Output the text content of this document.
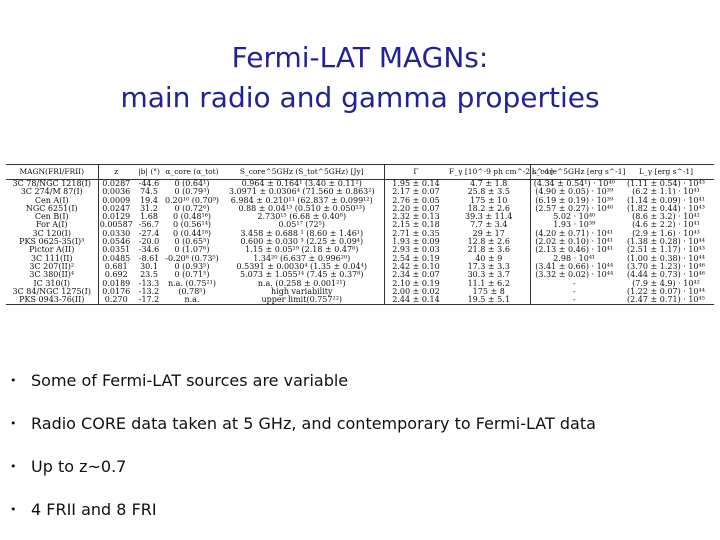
Fermi-LAT MAGNs:
main radio and gamma properties
MAGN(FRI/FRII)	z	|b| (°)	α_core (α_tot)	S_core^5GHz (S_tot^5GHz) [Jy]		Γ	F_γ [10^-9 ph cm^-2 s^-1]	L_core^5GHz [erg s^-1]	L_γ [erg s^-1]
3C 78/NGC 1218(I)	0.0287	-44.6	0 (0.64¹)	0.964 ± 0.164¹ (3.40 ± 0.11²)		1.95 ± 0.14	4.7 ± 1.8	(4.34 ± 0.54¹) · 10⁴⁰	(1.11 ± 0.54) · 10⁴³
3C 274/M 87(I)	0.0036	74.5	0 (0.79³)	3.0971 ± 0.0306⁴ (71.560 ± 0.863²)		2.17 ± 0.07	25.8 ± 3.5	(4.90 ± 0.05) · 10³⁹	(6.2 ± 1.1) · 10⁴¹
Cen A(I)	0.0009	19.4	0.20¹⁰ (0.70⁹)	6.984 ± 0.210¹¹ (62.837 ± 0.099¹²)		2.76 ± 0.05	175 ± 10	(6.19 ± 0.19) · 10³⁹	(1.14 ± 0.09) · 10⁴¹
NGC 6251(I)	0.0247	31.2	0 (0.72⁶)	0.88 ± 0.04¹³ (0.510 ± 0.050¹³)		2.20 ± 0.07	18.2 ± 2.6	(2.57 ± 0.27) · 10⁴⁰	(1.82 ± 0.44) · 10⁴³
Cen B(I)	0.0129	1.68	0 (0.48¹⁶)	2.730¹⁵ (6.68 ± 0.40⁸)		2.32 ± 0.13	39.3 ± 11.4	5.02 · 10⁴⁰	(8.6 ± 3.2) · 10⁴²
For A(I)	0.00587	-56.7	0 (0.56¹⁴)	0.05¹⁷ (72⁵)		2.15 ± 0.18	7.7 ± 3.4	1.93 · 10³⁹	(4.6 ± 2.2) · 10⁴¹
3C 120(I)	0.0330	-27.4	0 (0.44¹⁸)	3.458 ± 0.688 ¹ (8.60 ± 1.46¹)		2.71 ± 0.35	29 ± 17	(4.20 ± 0.71) · 10⁴¹	(2.9 ± 1.6) · 10⁴³
PKS 0625-35(I)³	0.0546	-20.0	0 (0.65⁵)	0.600 ± 0.030 ³ (2.25 ± 0.09⁴)		1.93 ± 0.09	12.8 ± 2.6	(2.02 ± 0.10) · 10⁴¹	(1.38 ± 0.28) · 10⁴⁴
Pictor A(II)	0.0351	-34.6	0 (1.07⁶)	1.15 ± 0.05¹⁹ (2.18 ± 0.47⁸)		2.93 ± 0.03	21.8 ± 3.6	(2.13 ± 0.46) · 10⁴¹	(2.51 ± 1.17) · 10⁴³
3C 111(II)	0.0485	-8.61	-0.20⁸ (0.73⁵)	1.34²⁰ (6.637 ± 0.996²⁰)		2.54 ± 0.19	40 ± 9	2.98 · 10⁴¹	(1.00 ± 0.38) · 10⁴⁴
3C 207(II)²	0.681	30.1	0 (0.93⁵)	0.5391 ± 0.0030⁴ (1.35 ± 0.04⁴)		2.42 ± 0.10	17.3 ± 3.3	(3.41 ± 0.66) · 10⁴⁴	(3.70 ± 1.23) · 10⁴⁶
3C 380(II)⁴	0.692	23.5	0 (0.71⁵)	5.073 ± 1.055¹⁴ (7.45 ± 0.37⁸)		2.34 ± 0.07	30.3 ± 3.7	(3.32 ± 0.02) · 10⁴⁴	(4.44 ± 0.73) · 10⁴⁶
IC 310(I)	0.0189	-13.3	n.a. (0.75²¹)	n.a. (0.258 ± 0.001²¹)		2.10 ± 0.19	11.1 ± 6.2	-	(7.9 ± 4.9) · 10⁴²
3C 84/NGC 1275(I)	0.0176	-13.2	(0.78⁵)	high variability		2.00 ± 0.02	175 ± 8	-	(1.22 ± 0.07) · 10⁴⁴
PKS 0943-76(II)	0.270	-17.2	n.a.	upper limit(0.757²²)		2.44 ± 0.14	19.5 ± 5.1	-	(2.47 ± 0.71) · 10⁴⁵
• Some of Fermi-LAT sources are variable
• Radio CORE data taken at 5 GHz, and contemporary to Fermi-LAT data
• Up to z~0.7
• 4 FRII and 8 FRI
